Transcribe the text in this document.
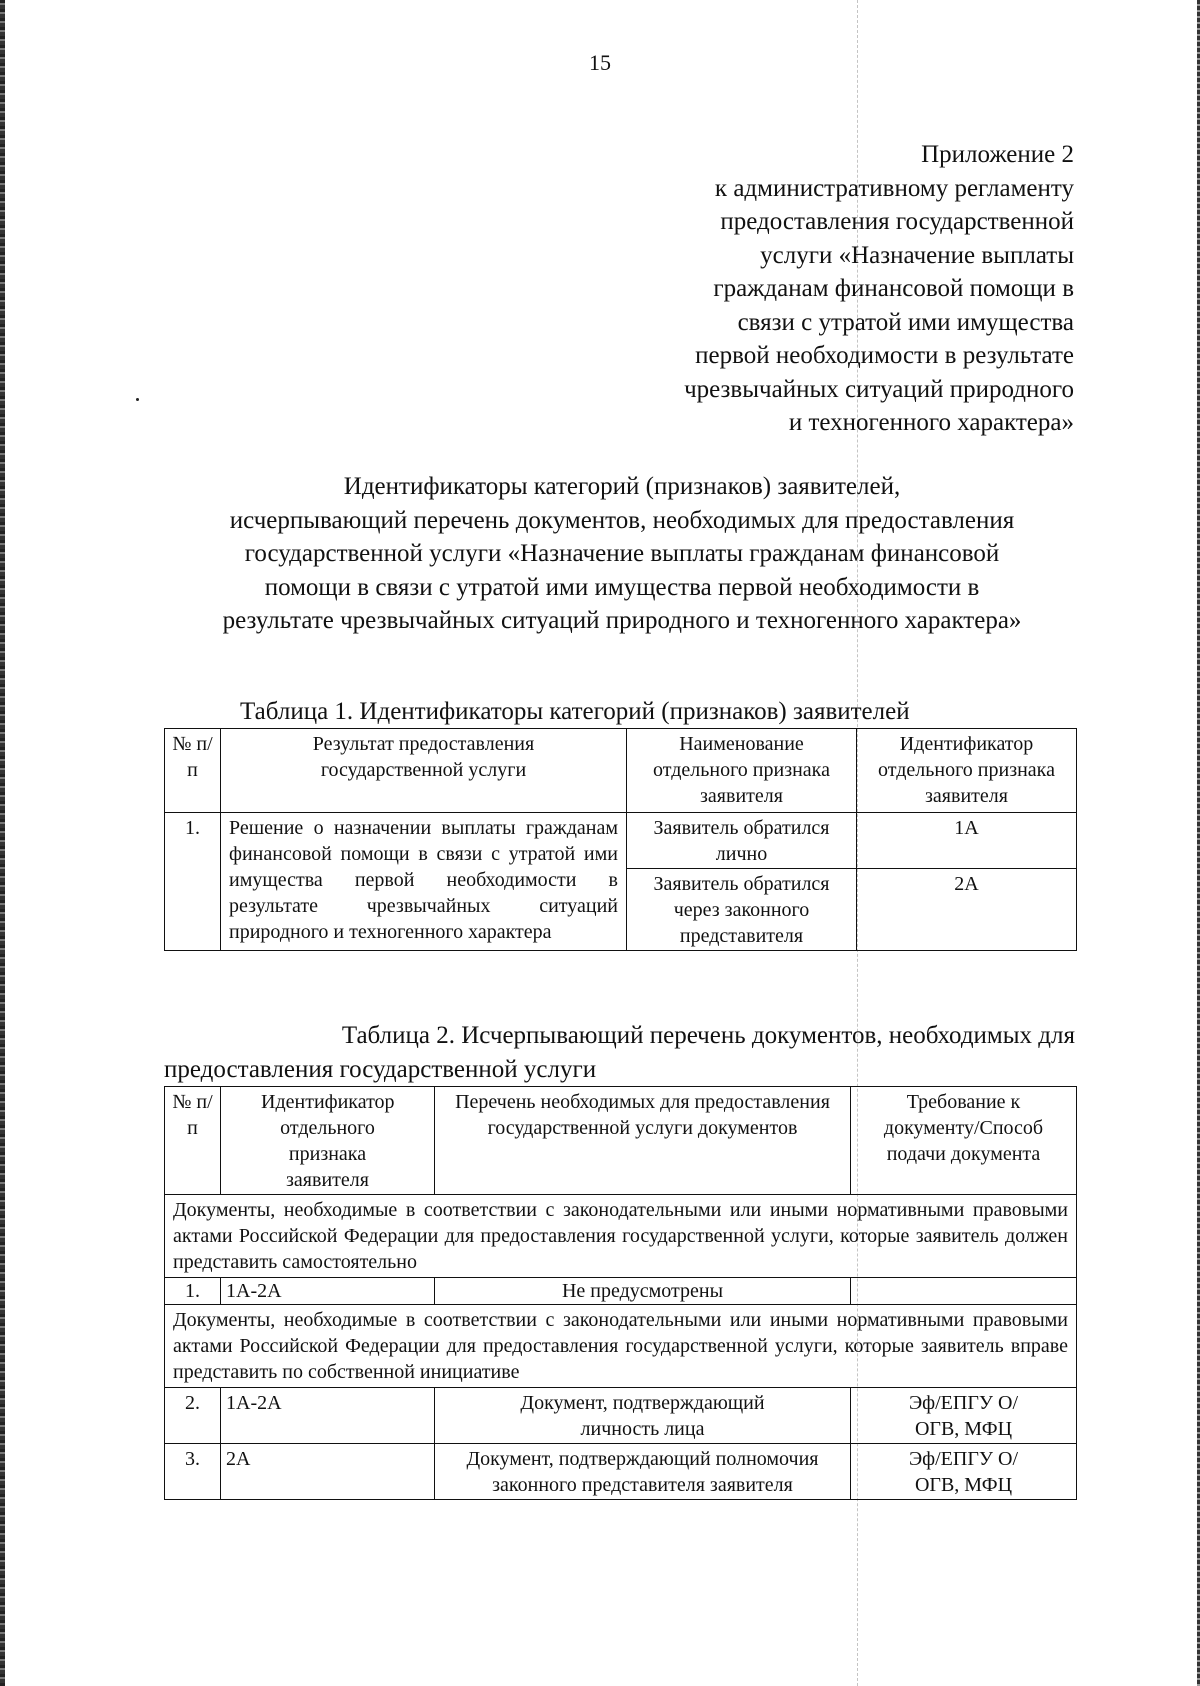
15
Приложение 2
к административному регламенту
предоставления государственной
услуги «Назначение выплаты
гражданам финансовой помощи в
связи с утратой ими имущества
первой необходимости в результате
чрезвычайных ситуаций природного
и техногенного характера»
Идентификаторы категорий (признаков) заявителей,
исчерпывающий перечень документов, необходимых для предоставления
государственной услуги «Назначение выплаты гражданам финансовой
помощи в связи с утратой ими имущества первой необходимости в
результате чрезвычайных ситуаций природного и техногенного характера»
Таблица 1. Идентификаторы категорий (признаков) заявителей
№ п/п	Результат предоставления государственной услуги	Наименование отдельного признака заявителя	Идентификатор отдельного признака заявителя
1.	Решение о назначении выплаты гражданам финансовой помощи в связи с утратой ими имущества первой необходимости в результате чрезвычайных ситуаций природного и техногенного характера	Заявитель обратился лично	1А
		Заявитель обратился через законного представителя	2А
Таблица 2. Исчерпывающий перечень документов, необходимых для
предоставления государственной услуги
№ п/п	Идентификатор отдельного признака заявителя	Перечень необходимых для предоставления государственной услуги документов	Требование к документу/Способ подачи документа
Документы, необходимые в соответствии с законодательными или иными нормативными правовыми актами Российской Федерации для предоставления государственной услуги, которые заявитель должен представить самостоятельно			
1.	1А-2А	Не предусмотрены	
Документы, необходимые в соответствии с законодательными или иными нормативными правовыми актами Российской Федерации для предоставления государственной услуги, которые заявитель вправе представить по собственной инициативе			
2.	1А-2А	Документ, подтверждающий личность лица	Эф/ЕПГУ О/ОГВ, МФЦ
3.	2А	Документ, подтверждающий полномочия законного представителя заявителя	Эф/ЕПГУ О/ОГВ, МФЦ
